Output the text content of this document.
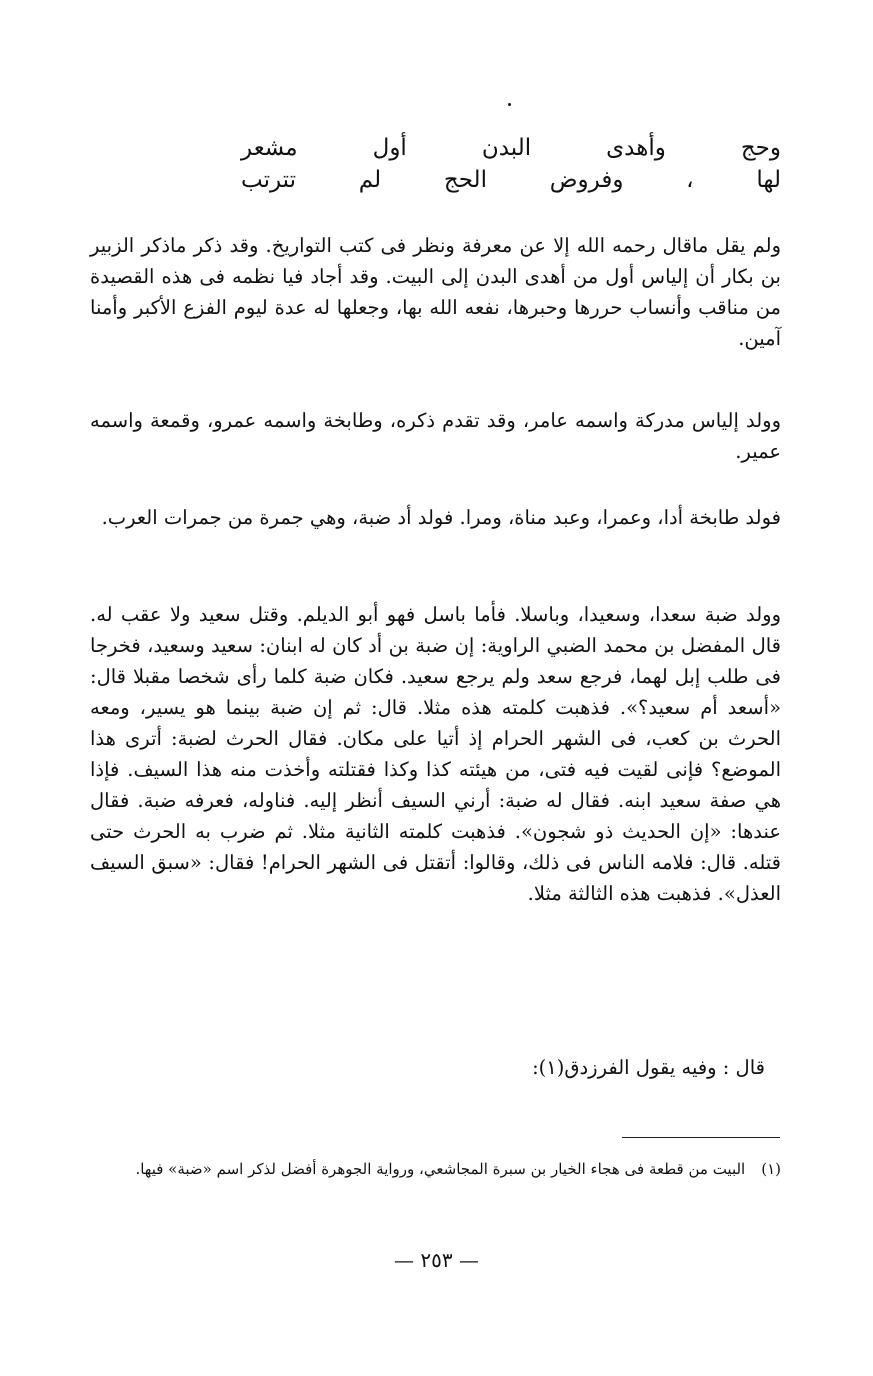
وحج وأهدى البدن أول مشعر
لها ، وفروض الحج لم تترتب

ولم يقل ماقال رحمه الله إلا عن معرفة ونظر فى كتب التواريخ. وقد ذكر ماذكر الزبير بن بكار أن إلياس أول من أهدى البدن إلى البيت. وقد أجاد فيا نظمه فى هذه القصيدة من مناقب وأنساب حررها وحبرها، نفعه الله بها، وجعلها له عدة ليوم الفزع الأكبر وأمنا آمين.

وولد إلياس مدركة واسمه عامر، وقد تقدم ذكره، وطابخة واسمه عمرو، وقمعة واسمه عمير.

فولد طابخة أدا، وعمرا، وعبد مناة، ومرا. فولد أد ضبة، وهي جمرة من جمرات العرب.

وولد ضبة سعدا، وسعيدا، وباسلا. فأما باسل فهو أبو الديلم. وقتل سعيد ولا عقب له. قال المفضل بن محمد الضبي الراوية: إن ضبة بن أد كان له ابنان: سعيد وسعيد، فخرجا فى طلب إبل لهما، فرجع سعد ولم يرجع سعيد. فكان ضبة كلما رأى شخصا مقبلا قال: «أسعد أم سعيد؟». فذهبت كلمته هذه مثلا. قال: ثم إن ضبة بينما هو يسير، ومعه الحرث بن كعب، فى الشهر الحرام إذ أتيا على مكان. فقال الحرث لضبة: أترى هذا الموضع؟ فإنى لقيت فيه فتى، من هيئته كذا وكذا فقتلته وأخذت منه هذا السيف. فإذا هي صفة سعيد ابنه. فقال له ضبة: أرني السيف أنظر إليه. فناوله، فعرفه ضبة. فقال عندها: «إن الحديث ذو شجون». فذهبت كلمته الثانية مثلا. ثم ضرب به الحرث حتى قتله. قال: فلامه الناس فى ذلك، وقالوا: أتقتل فى الشهر الحرام! فقال: «سبق السيف العذل». فذهبت هذه الثالثة مثلا.

قال : وفيه يقول الفرزدق(١):

(١)
البيت من قطعة فى هجاء الخيار بن سبرة المجاشعي، ورواية الجوهرة أفضل لذكر اسم «ضبة» فيها.
— ٢٥٣ —
